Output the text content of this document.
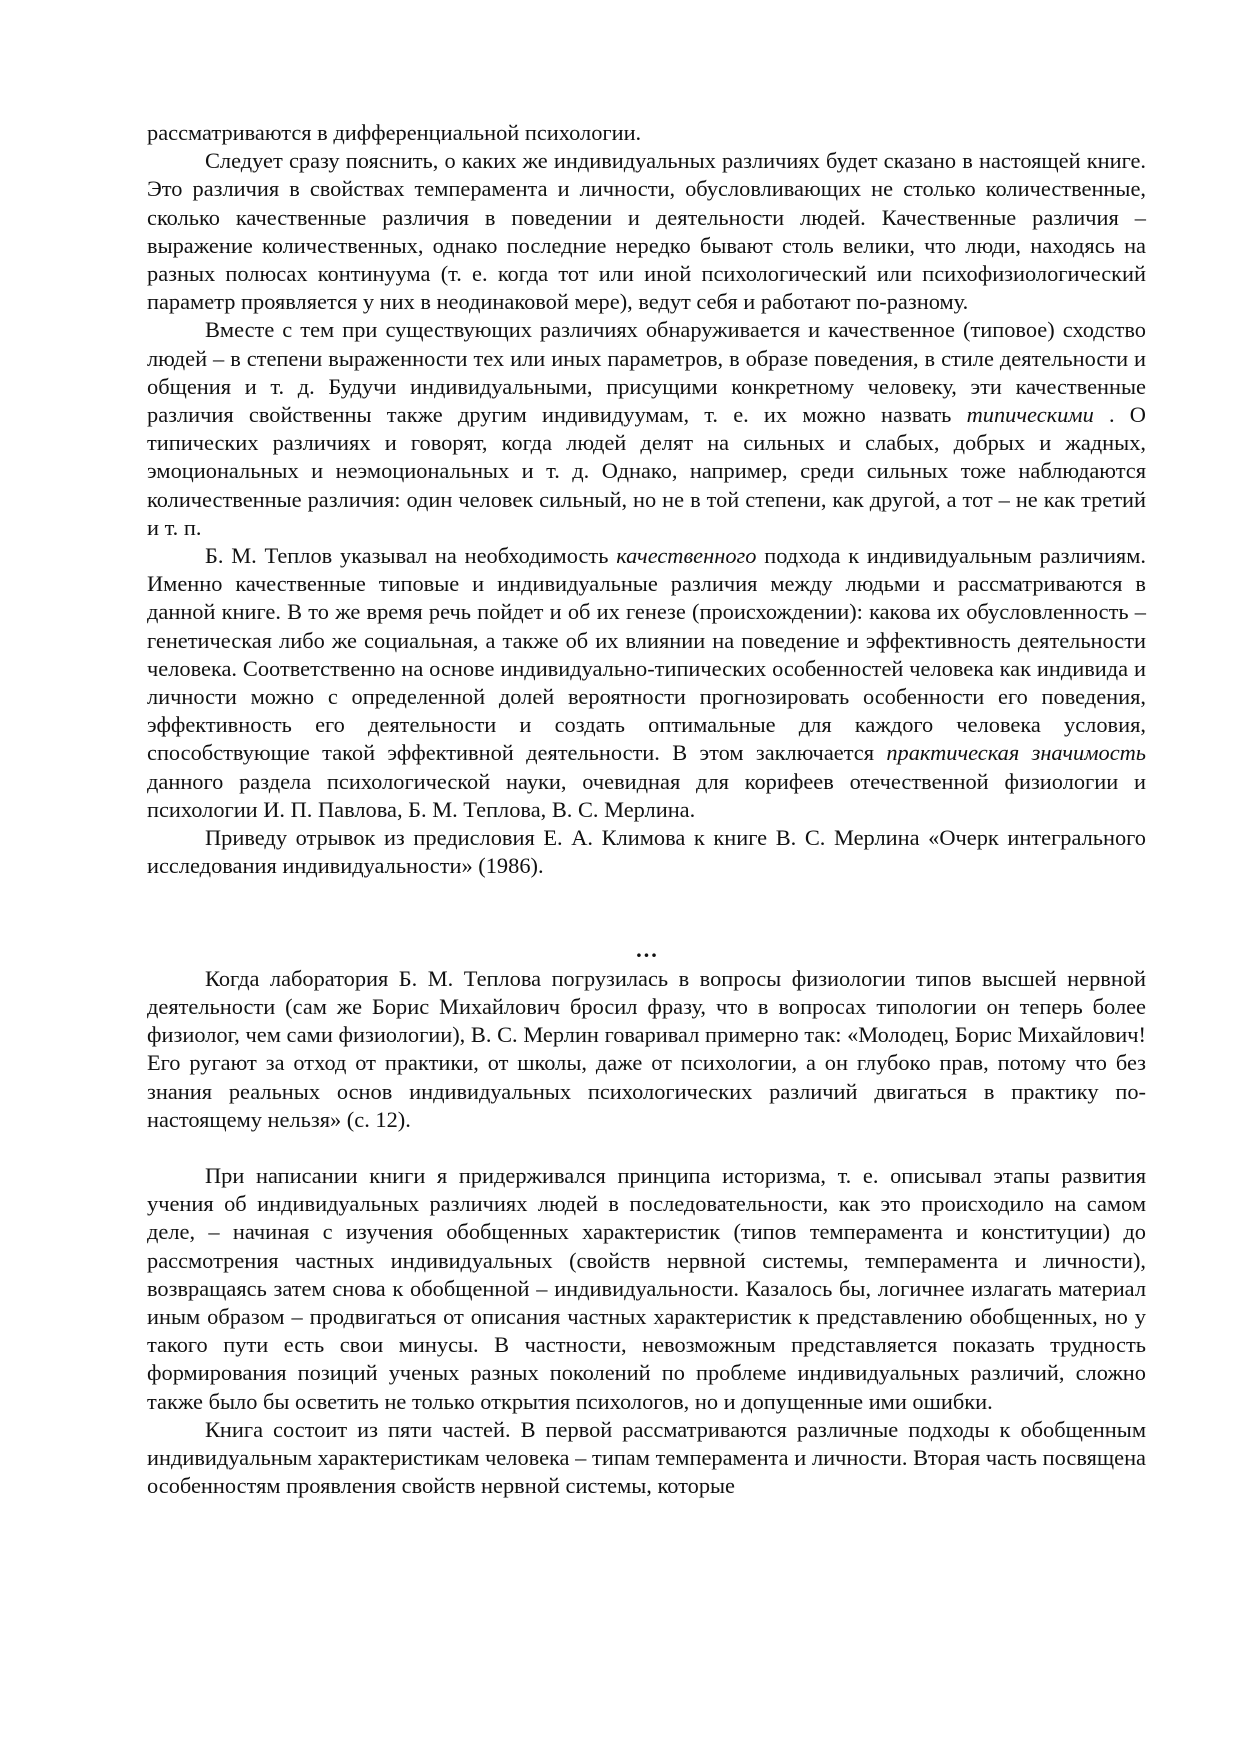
рассматриваются в дифференциальной психологии.

Следует сразу пояснить, о каких же индивидуальных различиях будет сказано в настоящей книге. Это различия в свойствах темперамента и личности, обусловливающих не столько количественные, сколько качественные различия в поведении и деятельности людей. Качественные различия – выражение количественных, однако последние нередко бывают столь велики, что люди, находясь на разных полюсах континуума (т. е. когда тот или иной психологический или психофизиологический параметр проявляется у них в неодинаковой мере), ведут себя и работают по-разному.

Вместе с тем при существующих различиях обнаруживается и качественное (типовое) сходство людей – в степени выраженности тех или иных параметров, в образе поведения, в стиле деятельности и общения и т. д. Будучи индивидуальными, присущими конкретному человеку, эти качественные различия свойственны также другим индивидуумам, т. е. их можно назвать типическими . О типических различиях и говорят, когда людей делят на сильных и слабых, добрых и жадных, эмоциональных и неэмоциональных и т. д. Однако, например, среди сильных тоже наблюдаются количественные различия: один человек сильный, но не в той степени, как другой, а тот – не как третий и т. п.

Б. М. Теплов указывал на необходимость качественного подхода к индивидуальным различиям. Именно качественные типовые и индивидуальные различия между людьми и рассматриваются в данной книге. В то же время речь пойдет и об их генезе (происхождении): какова их обусловленность – генетическая либо же социальная, а также об их влиянии на поведение и эффективность деятельности человека. Соответственно на основе индивидуально-типических особенностей человека как индивида и личности можно с определенной долей вероятности прогнозировать особенности его поведения, эффективность его деятельности и создать оптимальные для каждого человека условия, способствующие такой эффективной деятельности. В этом заключается практическая значимость данного раздела психологической науки, очевидная для корифеев отечественной физиологии и психологии И. П. Павлова, Б. М. Теплова, В. С. Мерлина.

Приведу отрывок из предисловия Е. А. Климова к книге В. С. Мерлина «Очерк интегрального исследования индивидуальности» (1986).

…

Когда лаборатория Б. М. Теплова погрузилась в вопросы физиологии типов высшей нервной деятельности (сам же Борис Михайлович бросил фразу, что в вопросах типологии он теперь более физиолог, чем сами физиологии), В. С. Мерлин говаривал примерно так: «Молодец, Борис Михайлович! Его ругают за отход от практики, от школы, даже от психологии, а он глубоко прав, потому что без знания реальных основ индивидуальных психологических различий двигаться в практику по-настоящему нельзя» (с. 12).

При написании книги я придерживался принципа историзма, т. е. описывал этапы развития учения об индивидуальных различиях людей в последовательности, как это происходило на самом деле, – начиная с изучения обобщенных характеристик (типов темперамента и конституции) до рассмотрения частных индивидуальных (свойств нервной системы, темперамента и личности), возвращаясь затем снова к обобщенной – индивидуальности. Казалось бы, логичнее излагать материал иным образом – продвигаться от описания частных характеристик к представлению обобщенных, но у такого пути есть свои минусы. В частности, невозможным представляется показать трудность формирования позиций ученых разных поколений по проблеме индивидуальных различий, сложно также было бы осветить не только открытия психологов, но и допущенные ими ошибки.

Книга состоит из пяти частей. В первой рассматриваются различные подходы к обобщенным индивидуальным характеристикам человека – типам темперамента и личности. Вторая часть посвящена особенностям проявления свойств нервной системы, которые
